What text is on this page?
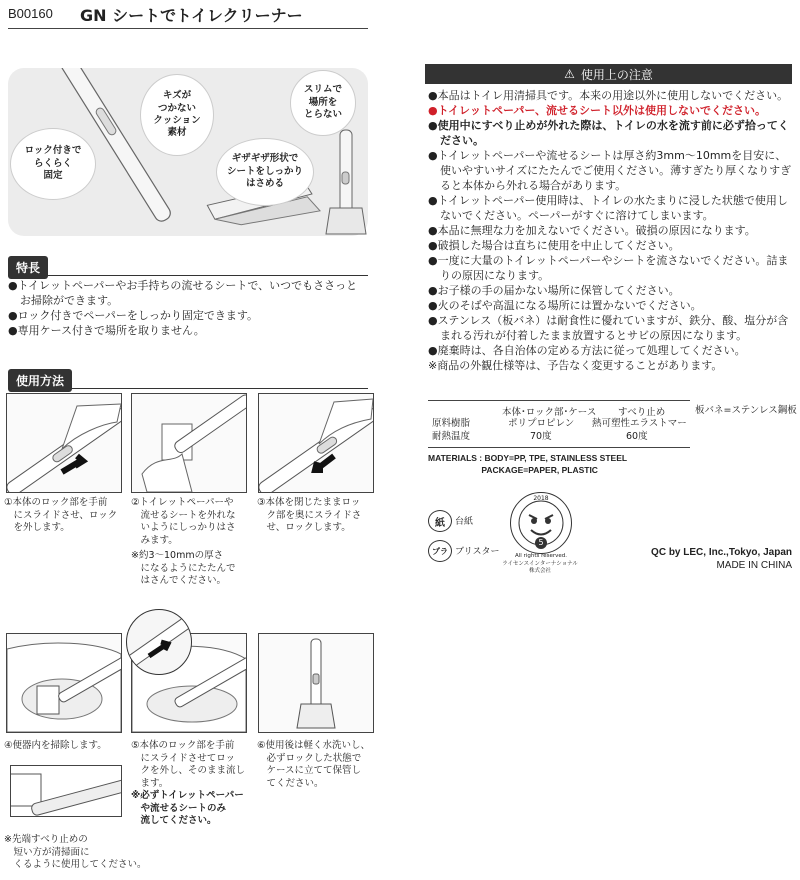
B00160 GN シートでトイレクリーナー
ロック付きで
らくらく
固定
キズが
つかない
クッション
素材
スリムで
場所を
とらない
ギザギザ形状で
シートをしっかり
はさめる
特長
●トイレットペーパーやお手持ちの流せるシートで、いつでもささっとお掃除ができます。
●ロック付きでペーパーをしっかり固定できます。
●専用ケース付きで場所を取りません。
使用方法
①本体のロック部を手前
　にスライドさせ、ロック
　を外します。
②トイレットペーパーや
　流せるシートを外れな
　いようにしっかりはさ
　みます。
※約3～10mmの厚さ
　になるようにたたんで
　はさんでください。
③本体を閉じたままロッ
　ク部を奥にスライドさ
　せ、ロックします。
④便器内を掃除します。
※先端すべり止めの
　短い方が清掃面に
　くるように使用してください。
⑤本体のロック部を手前
　にスライドさせてロッ
　クを外し、そのまま流し
　ます。
※必ずトイレットペーパー
　や流せるシートのみ
　流してください。
⑥使用後は軽く水洗いし、
　必ずロックした状態で
　ケースに立てて保管し
　てください。
⚠ 使用上の注意
●本品はトイレ用清掃具です。本来の用途以外に使用しないでください。
●トイレットペーパー、流せるシート以外は使用しないでください。
●使用中にすべり止めが外れた際は、トイレの水を流す前に必ず拾ってください。
●トイレットペーパーや流せるシートは厚さ約3mm～10mmを目安に、使いやすいサイズにたたんでご使用ください。薄すぎたり厚くなりすぎると本体から外れる場合があります。
●トイレットペーパー使用時は、トイレの水たまりに浸した状態で使用しないでください。ペーパーがすぐに溶けてしまいます。
●本品に無理な力を加えないでください。破損の原因になります。
●破損した場合は直ちに使用を中止してください。
●一度に大量のトイレットペーパーやシートを流さないでください。詰まりの原因になります。
●お子様の手の届かない場所に保管してください。
●火のそばや高温になる場所には置かないでください。
●ステンレス（板バネ）は耐食性に優れていますが、鉄分、酸、塩分が含まれる汚れが付着したまま放置するとサビの原因になります。
●廃棄時は、各自治体の定める方法に従って処理してください。
※商品の外観仕様等は、予告なく変更することがあります。
原料樹脂
耐熱温度
本体･ロック部･ケース
ポリプロピレン
70度
すべり止め
熱可塑性エラストマー
60度
板バネ=ステンレス鋼板
MATERIALS : BODY=PP, TPE, STAINLESS STEEL
　　　　　　 PACKAGE=PAPER, PLASTIC
紙	台紙
プラ ブリスター
2018
5
All rights reserved.
ライセンスインターナショナル
株式会社
QC by LEC, Inc.,Tokyo, Japan
MADE IN CHINA
